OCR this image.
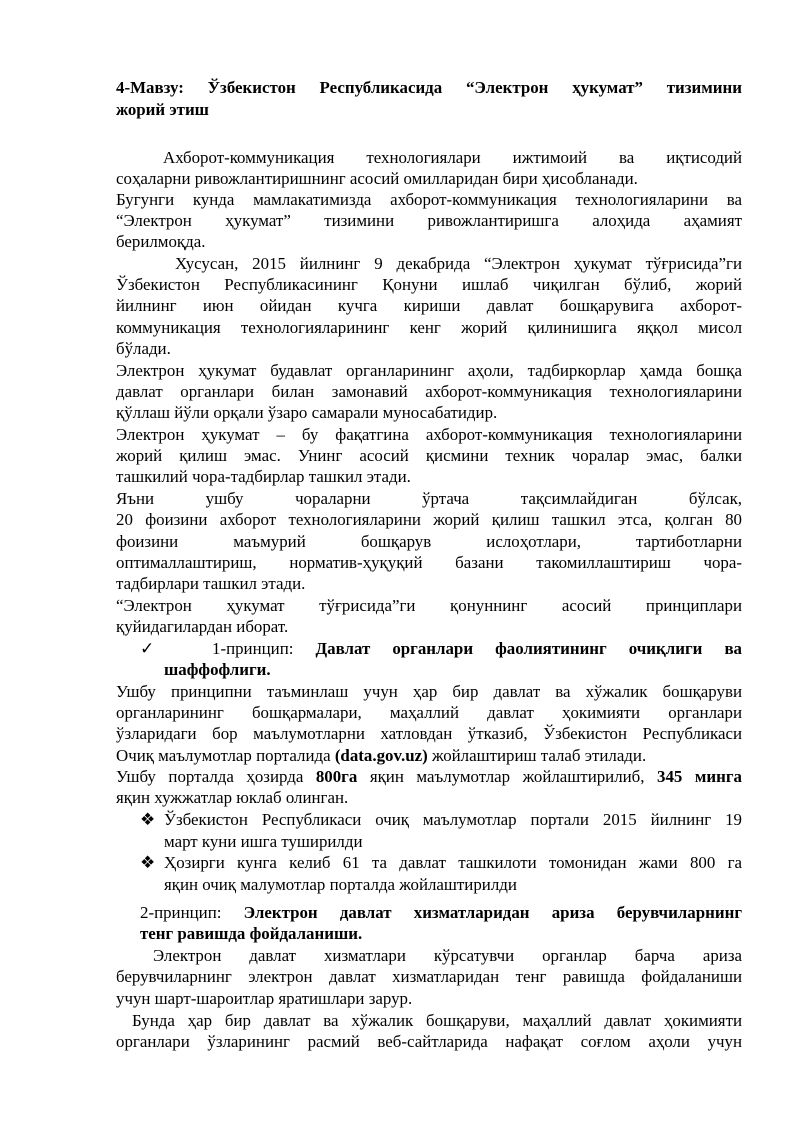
4-Мавзу: Ўзбекистон Республикасида “Электрон ҳукумат” тизимини
жорий этиш
Ахборот-коммуникация технологиялари ижтимоий ва иқтисодий
соҳаларни ривожлантиришнинг асосий омилларидан бири ҳисобланади.
Бугунги кунда мамлакатимизда ахборот-коммуникация технологияларини ва
“Электрон ҳукумат” тизимини ривожлантиришга алоҳида аҳамият
берилмоқда.
Хусусан, 2015 йилнинг 9 декабрида “Электрон ҳукумат тўғрисида”ги
Ўзбекистон Республикасининг Қонуни ишлаб чиқилган бўлиб, жорий
йилнинг июн ойидан кучга кириши давлат бошқарувига ахборот-
коммуникация технологияларининг кенг жорий қилинишига яққол мисол
бўлади.
Электрон ҳукумат будавлат органларининг аҳоли, тадбиркорлар ҳамда бошқа
давлат органлари билан замонавий ахборот-коммуникация технологияларини
қўллаш йўли орқали ўзаро самарали муносабатидир.
Электрон ҳукумат – бу фақатгина ахборот-коммуникация технологияларини
жорий қилиш эмас. Унинг асосий қисмини техник чоралар эмас, балки
ташкилий чора-тадбирлар ташкил этади.
Яъни ушбу чораларни ўртача тақсимлайдиган бўлсак,
20 фоизини ахборот технологияларини жорий қилиш ташкил этса, қолган 80
фоизини маъмурий бошқарув ислоҳотлари, тартиботларни
оптималлаштириш, норматив-ҳуқуқий базани такомиллаштириш чора-
тадбирлари ташкил этади.
“Электрон ҳукумат тўғрисида”ги қонуннинг асосий принциплари
қуйидагилардан иборат.
✓	1-принцип: Давлат органлари фаолиятининг очиқлиги ва
шаффофлиги.
Ушбу принципни таъминлаш учун ҳар бир давлат ва хўжалик бошқаруви
органларининг бошқармалари, маҳаллий давлат ҳокимияти органлари
ўзларидаги бор маълумотларни хатловдан ўтказиб, Ўзбекистон Республикаси
Очиқ маълумотлар порталида (data.gov.uz) жойлаштириш талаб этилади.
Ушбу порталда ҳозирда 800га яқин маълумотлар жойлаштирилиб, 345 минга
яқин хужжатлар юклаб олинган.
❖ Ўзбекистон Республикаси очиқ маълумотлар портали 2015 йилнинг 19
март куни ишга туширилди
❖ Ҳозирги кунга келиб 61 та давлат ташкилоти томонидан жами 800 га
яқин очиқ малумотлар порталда жойлаштирилди
2-принцип: Электрон давлат хизматларидан ариза берувчиларнинг
тенг равишда фойдаланиши.
Электрон давлат хизматлари кўрсатувчи органлар барча ариза
берувчиларнинг электрон давлат хизматларидан тенг равишда фойдаланиши
учун шарт-шароитлар яратишлари зарур.
Бунда ҳар бир давлат ва хўжалик бошқаруви, маҳаллий давлат ҳокимияти
органлари ўзларининг расмий веб-сайтларида нафақат соғлом аҳоли учун
